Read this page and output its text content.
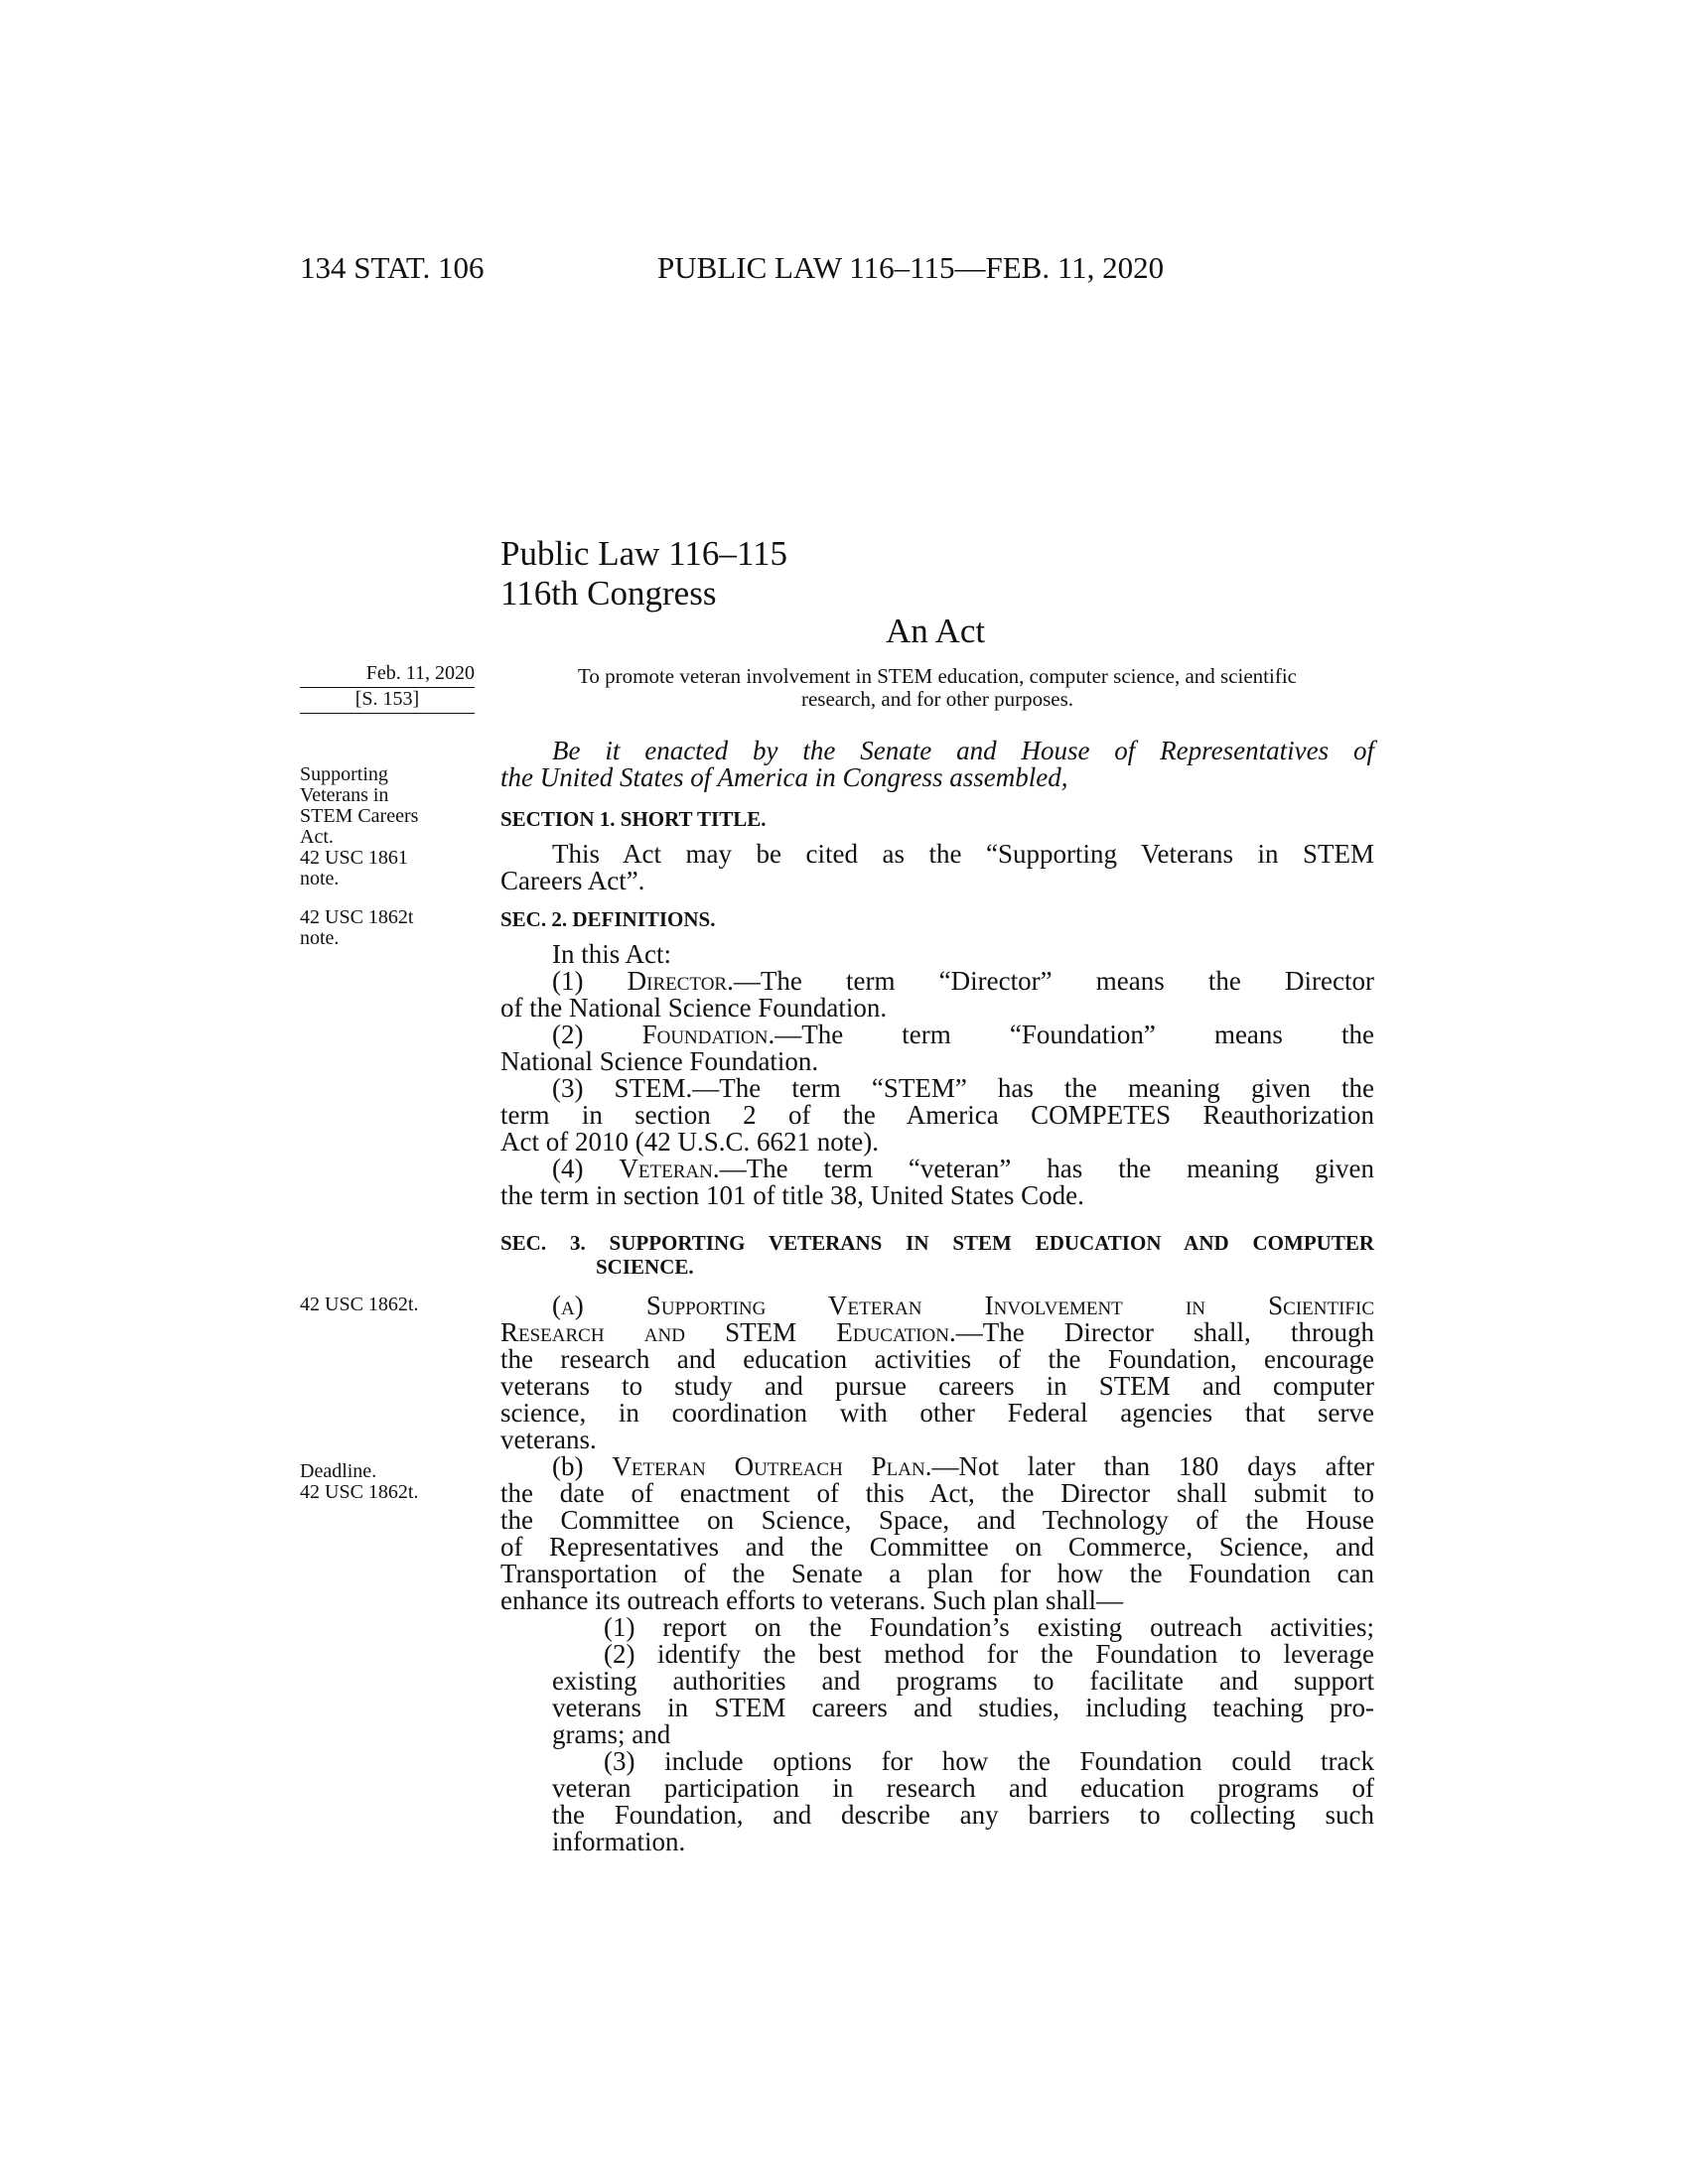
134 STAT. 106	PUBLIC LAW 116–115—FEB. 11, 2020
Public Law 116–115
116th Congress
An Act
Feb. 11, 2020
[S. 153]
To promote veteran involvement in STEM education, computer science, and scientific
research, and for other purposes.
Be it enacted by the Senate and House of Representatives of
the United States of America in Congress assembled,
Supporting
Veterans in
STEM Careers
Act.
42 USC 1861
note.
SECTION 1. SHORT TITLE.
This Act may be cited as the “Supporting Veterans in STEM
Careers Act”.
42 USC 1862t
note.
SEC. 2. DEFINITIONS.
In this Act:
(1) Director.—The term “Director” means the Director
of the National Science Foundation.
(2) Foundation.—The term “Foundation” means the
National Science Foundation.
(3) STEM.—The term “STEM” has the meaning given the
term in section 2 of the America COMPETES Reauthorization
Act of 2010 (42 U.S.C. 6621 note).
(4) Veteran.—The term “veteran” has the meaning given
the term in section 101 of title 38, United States Code.
SEC. 3. SUPPORTING VETERANS IN STEM EDUCATION AND COMPUTER
SCIENCE.
42 USC 1862t.	(a) Supporting Veteran Involvement in Scientific
Research and STEM Education.—The Director shall, through
the research and education activities of the Foundation, encourage
veterans to study and pursue careers in STEM and computer
science, in coordination with other Federal agencies that serve
veterans.
Deadline.
42 USC 1862t.
(b) Veteran Outreach Plan.—Not later than 180 days after
the date of enactment of this Act, the Director shall submit to
the Committee on Science, Space, and Technology of the House
of Representatives and the Committee on Commerce, Science, and
Transportation of the Senate a plan for how the Foundation can
enhance its outreach efforts to veterans. Such plan shall—
(1) report on the Foundation’s existing outreach activities;
(2) identify the best method for the Foundation to leverage
existing authorities and programs to facilitate and support
veterans in STEM careers and studies, including teaching pro-
grams; and
(3) include options for how the Foundation could track
veteran participation in research and education programs of
the Foundation, and describe any barriers to collecting such
information.
